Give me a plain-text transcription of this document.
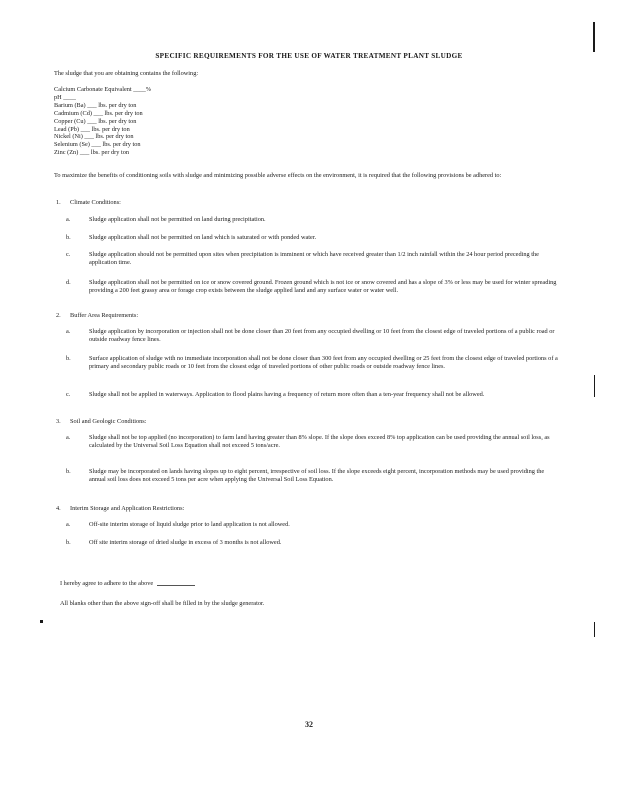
SPECIFIC REQUIREMENTS FOR THE USE OF WATER TREATMENT PLANT SLUDGE
The sludge that you are obtaining contains the following:
Calcium Carbonate Equivalent ____%
pH ____
Barium (Ba) ___ lbs. per dry ton
Cadmium (Cd) ___ lbs. per dry ton
Copper (Cu) ___ lbs. per dry ton
Lead (Pb) ___ lbs. per dry ton
Nickel (Ni) ___ lbs. per dry ton
Selenium (Se) ___ lbs. per dry ton
Zinc (Zn) ___ lbs. per dry ton
To maximize the benefits of conditioning soils with sludge and minimizing possible adverse effects on the environment, it is required that the following provisions be adhered to:
1. Climate Conditions:
a.	Sludge application shall not be permitted on land during precipitation.
b.	Sludge application shall not be permitted on land which is saturated or with ponded water.
c.	Sludge application should not be permitted upon sites when precipitation is imminent or which have received greater than 1/2 inch rainfall within the 24 hour period preceding the application time.
d.	Sludge application shall not be permitted on ice or snow covered ground. Frozen ground which is not ice or snow covered and has a slope of 3% or less may be used for winter spreading providing a 200 feet grassy area or forage crop exists between the sludge applied land and any surface water or water well.
2. Buffer Area Requirements:
a.	Sludge application by incorporation or injection shall not be done closer than 20 feet from any occupied dwelling or 10 feet from the closest edge of traveled portions of a public road or outside roadway fence lines.
b.	Surface application of sludge with no immediate incorporation shall not be done closer than 300 feet from any occupied dwelling or 25 feet from the closest edge of traveled portions of a primary and secondary public roads or 10 feet from the closest edge of traveled portions of other public roads or outside roadway fence lines.
c.	Sludge shall not be applied in waterways. Application to flood plains having a frequency of return more often than a ten-year frequency shall not be allowed.
3. Soil and Geologic Conditions:
a.	Sludge shall not be top applied (no incorporation) to farm land having greater than 8% slope. If the slope does exceed 8% top application can be used providing the annual soil loss, as calculated by the Universal Soil Loss Equation shall not exceed 5 tons/acre.
b.	Sludge may be incorporated on lands having slopes up to eight percent, irrespective of soil loss. If the slope exceeds eight percent, incorporation methods may be used providing the annual soil loss does not exceed 5 tons per acre when applying the Universal Soil Loss Equation.
4. Interim Storage and Application Restrictions:
a.	Off-site interim storage of liquid sludge prior to land application is not allowed.
b.	Off site interim storage of dried sludge in excess of 3 months is not allowed.
I hereby agree to adhere to the above
All blanks other than the above sign-off shall be filled in by the sludge generator.
32
